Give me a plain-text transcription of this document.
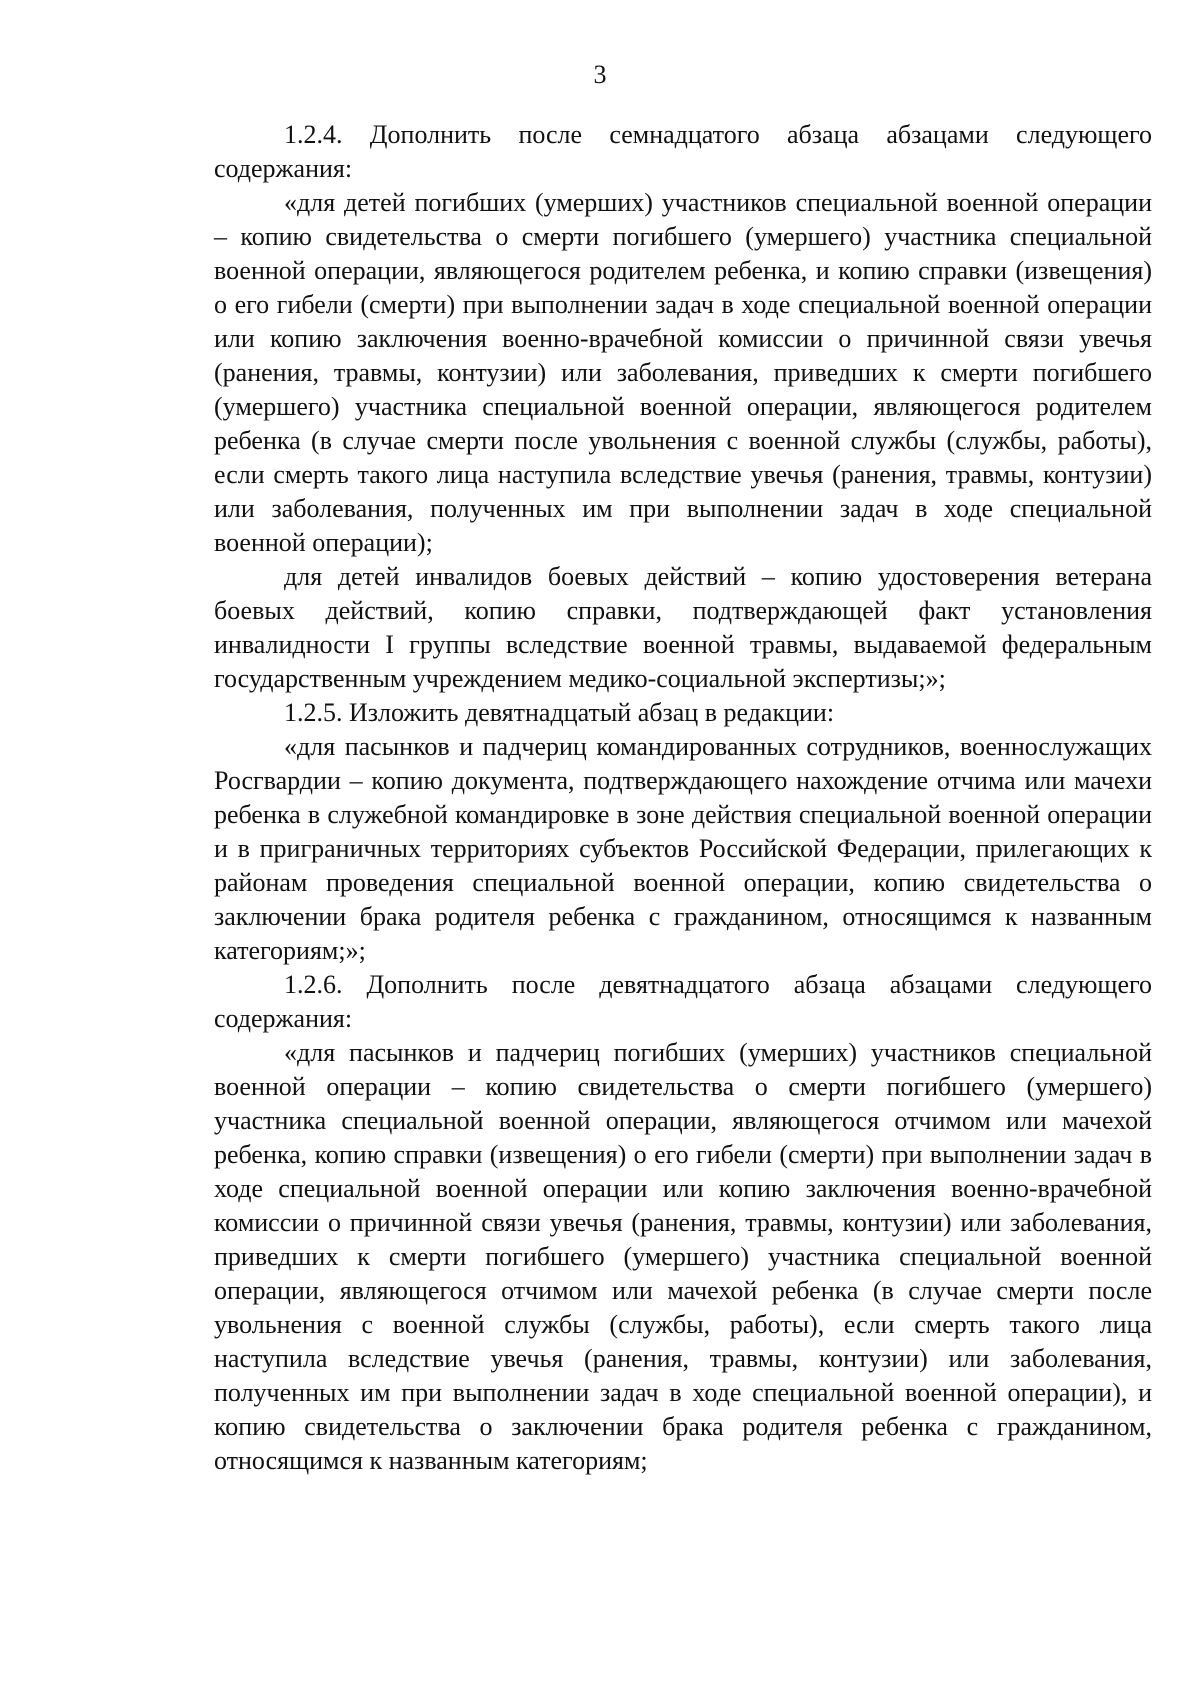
3

1.2.4. Дополнить после семнадцатого абзаца абзацами следующего содержания:

«для детей погибших (умерших) участников специальной военной операции – копию свидетельства о смерти погибшего (умершего) участника специальной военной операции, являющегося родителем ребенка, и копию справки (извещения) о его гибели (смерти) при выполнении задач в ходе специальной военной операции или копию заключения военно-врачебной комиссии о причинной связи увечья (ранения, травмы, контузии) или заболевания, приведших к смерти погибшего (умершего) участника специальной военной операции, являющегося родителем ребенка (в случае смерти после увольнения с военной службы (службы, работы), если смерть такого лица наступила вследствие увечья (ранения, травмы, контузии) или заболевания, полученных им при выполнении задач в ходе специальной военной операции);

для детей инвалидов боевых действий – копию удостоверения ветерана боевых действий, копию справки, подтверждающей факт установления инвалидности I группы вследствие военной травмы, выдаваемой федеральным государственным учреждением медико-социальной экспертизы;»;

1.2.5. Изложить девятнадцатый абзац в редакции:

«для пасынков и падчериц командированных сотрудников, военнослужащих Росгвардии – копию документа, подтверждающего нахождение отчима или мачехи ребенка в служебной командировке в зоне действия специальной военной операции и в приграничных территориях субъектов Российской Федерации, прилегающих к районам проведения специальной военной операции, копию свидетельства о заключении брака родителя ребенка с гражданином, относящимся к названным категориям;»;

1.2.6. Дополнить после девятнадцатого абзаца абзацами следующего содержания:

«для пасынков и падчериц погибших (умерших) участников специальной военной операции – копию свидетельства о смерти погибшего (умершего) участника специальной военной операции, являющегося отчимом или мачехой ребенка, копию справки (извещения) о его гибели (смерти) при выполнении задач в ходе специальной военной операции или копию заключения военно-врачебной комиссии о причинной связи увечья (ранения, травмы, контузии) или заболевания, приведших к смерти погибшего (умершего) участника специальной военной операции, являющегося отчимом или мачехой ребенка (в случае смерти после увольнения с военной службы (службы, работы), если смерть такого лица наступила вследствие увечья (ранения, травмы, контузии) или заболевания, полученных им при выполнении задач в ходе специальной военной операции), и копию свидетельства о заключении брака родителя ребенка с гражданином, относящимся к названным категориям;
